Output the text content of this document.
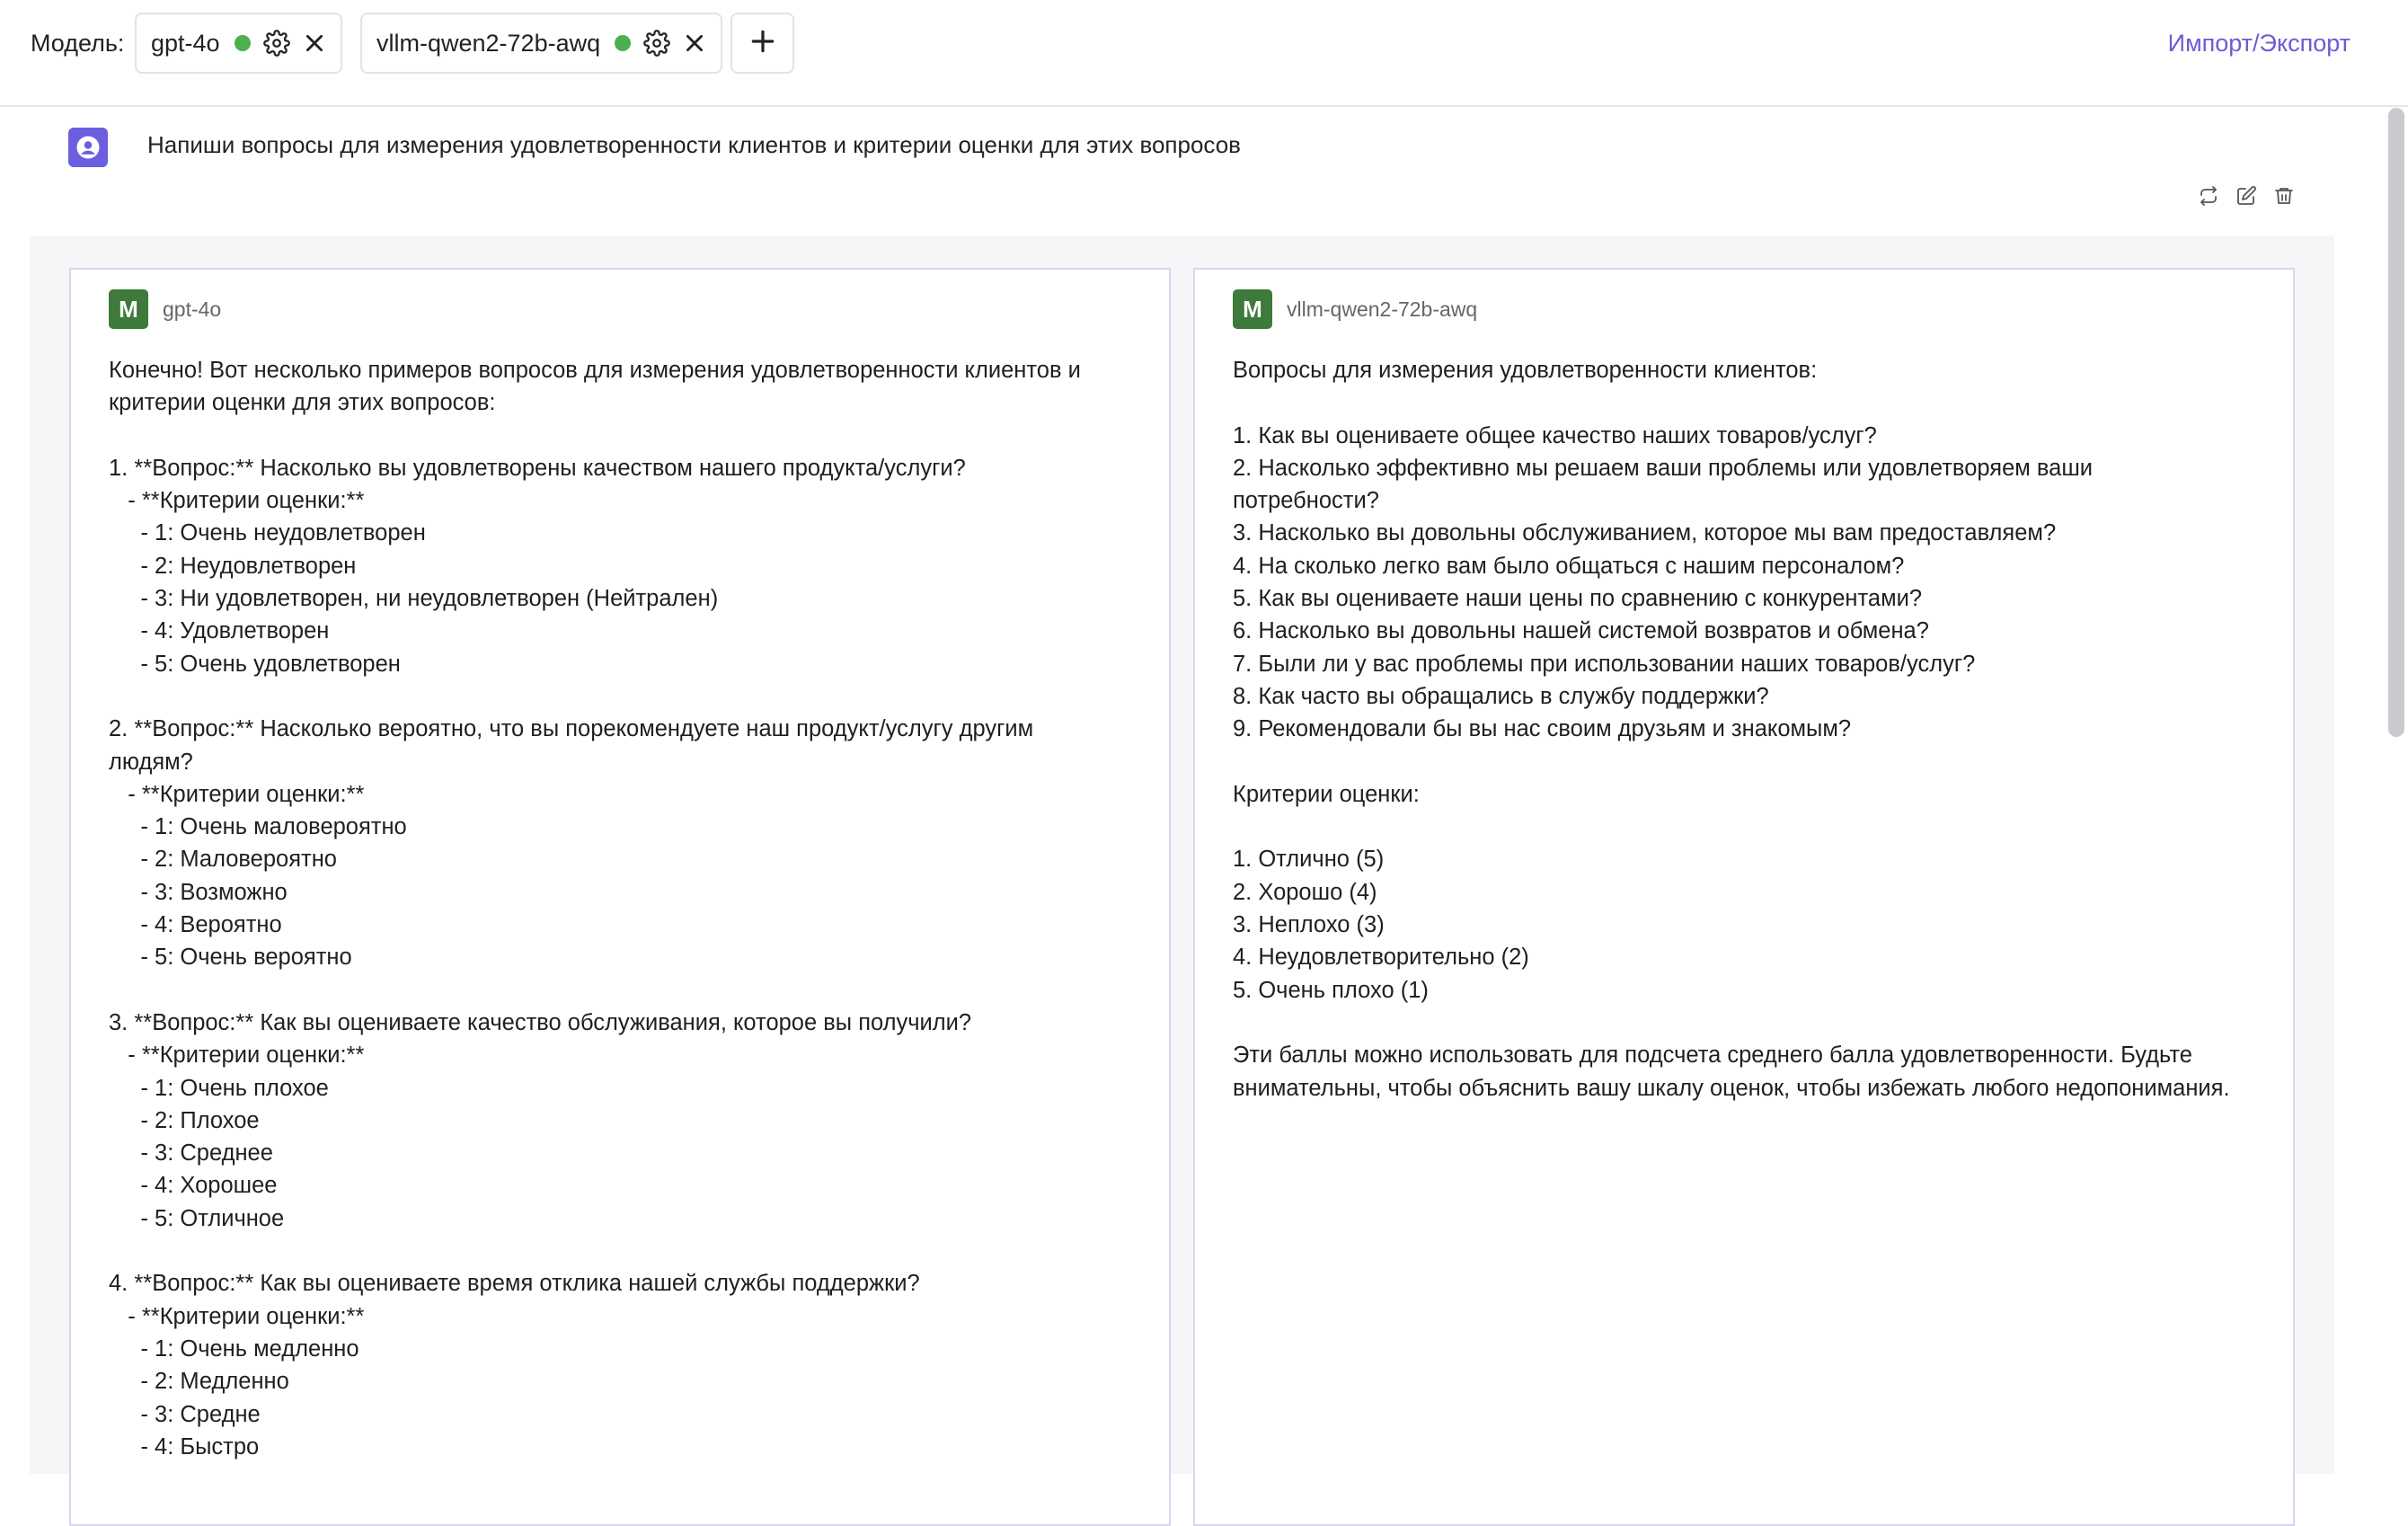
Модель: gpt-4o	vllm-qwen2-72b-awq	Импорт/Экспорт
Напиши вопросы для измерения удовлетворенности клиентов и критерии оценки для этих вопросов
M	gpt-4o
Конечно! Вот несколько примеров вопросов для измерения удовлетворенности клиентов и
критерии оценки для этих вопросов:

1. **Вопрос:** Насколько вы удовлетворены качеством нашего продукта/услуги?
- **Критерии оценки:**
- 1: Очень неудовлетворен
- 2: Неудовлетворен
- 3: Ни удовлетворен, ни неудовлетворен (Нейтрален)
- 4: Удовлетворен
- 5: Очень удовлетворен

2. **Вопрос:** Насколько вероятно, что вы порекомендуете наш продукт/услугу другим
людям?
- **Критерии оценки:**
- 1: Очень маловероятно
- 2: Маловероятно
- 3: Возможно
- 4: Вероятно
- 5: Очень вероятно

3. **Вопрос:** Как вы оцениваете качество обслуживания, которое вы получили?
- **Критерии оценки:**
- 1: Очень плохое
- 2: Плохое
- 3: Среднее
- 4: Хорошее
- 5: Отличное

4. **Вопрос:** Как вы оцениваете время отклика нашей службы поддержки?
- **Критерии оценки:**
- 1: Очень медленно
- 2: Медленно
- 3: Средне
- 4: Быстро
M	vllm-qwen2-72b-awq
Вопросы для измерения удовлетворенности клиентов:

1. Как вы оцениваете общее качество наших товаров/услуг?
2. Насколько эффективно мы решаем ваши проблемы или удовлетворяем ваши
потребности?
3. Насколько вы довольны обслуживанием, которое мы вам предоставляем?
4. На сколько легко вам было общаться с нашим персоналом?
5. Как вы оцениваете наши цены по сравнению с конкурентами?
6. Насколько вы довольны нашей системой возвратов и обмена?
7. Были ли у вас проблемы при использовании наших товаров/услуг?
8. Как часто вы обращались в службу поддержки?
9. Рекомендовали бы вы нас своим друзьям и знакомым?

Критерии оценки:

1. Отлично (5)
2. Хорошо (4)
3. Неплохо (3)
4. Неудовлетворительно (2)
5. Очень плохо (1)

Эти баллы можно использовать для подсчета среднего балла удовлетворенности. Будьте
внимательны, чтобы объяснить вашу шкалу оценок, чтобы избежать любого недопонимания.
